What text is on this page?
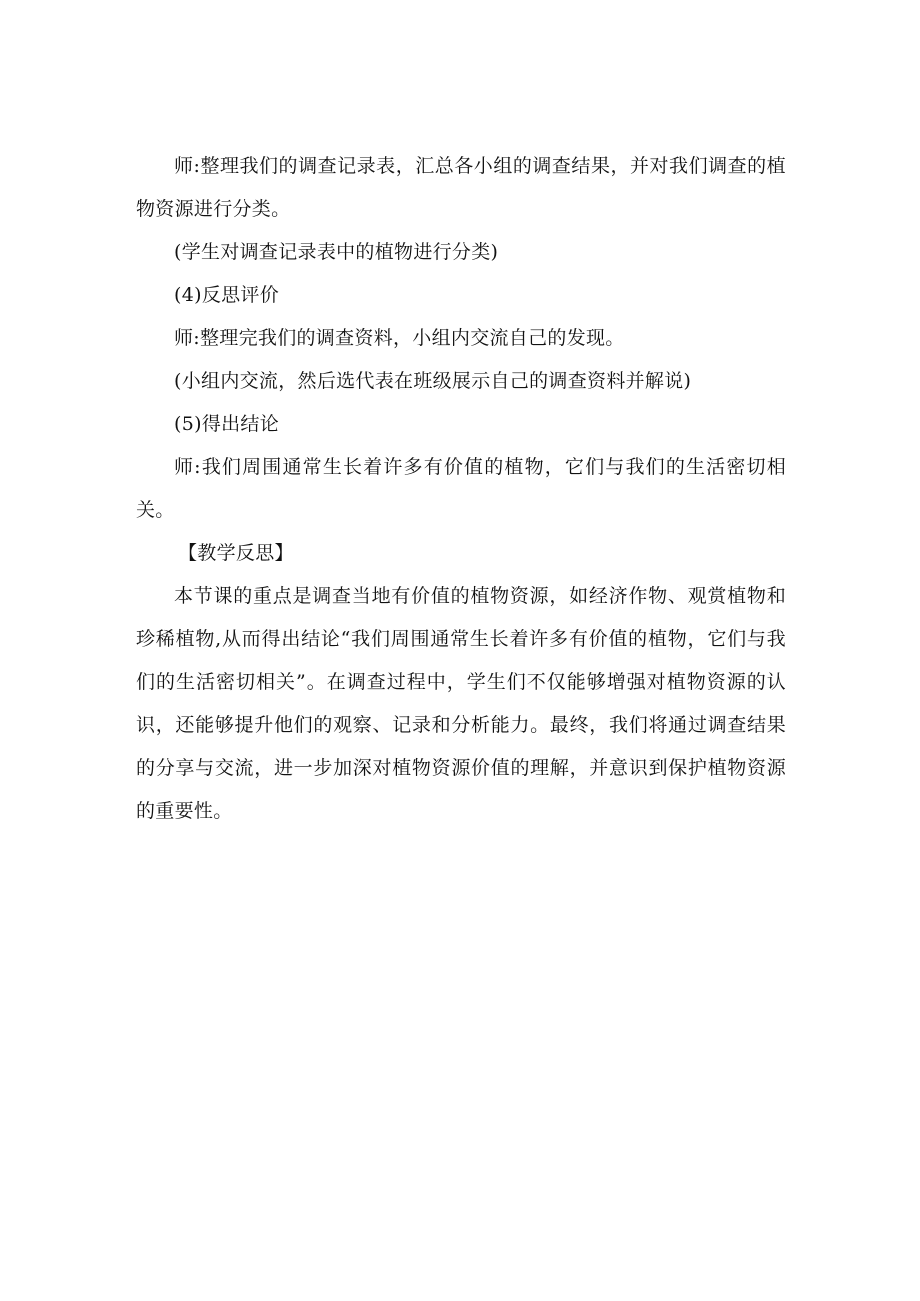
师:整理我们的调查记录表，汇总各小组的调查结果，并对我们调查的植物资源进行分类。

(学生对调查记录表中的植物进行分类)

(4)反思评价

师:整理完我们的调查资料，小组内交流自己的发现。

(小组内交流，然后选代表在班级展示自己的调查资料并解说)

(5)得出结论

师:我们周围通常生长着许多有价值的植物，它们与我们的生活密切相关。

【教学反思】

本节课的重点是调查当地有价值的植物资源，如经济作物、观赏植物和珍稀植物,从而得出结论“我们周围通常生长着许多有价值的植物，它们与我们的生活密切相关”。在调查过程中，学生们不仅能够增强对植物资源的认识，还能够提升他们的观察、记录和分析能力。最终，我们将通过调查结果的分享与交流，进一步加深对植物资源价值的理解，并意识到保护植物资源的重要性。
